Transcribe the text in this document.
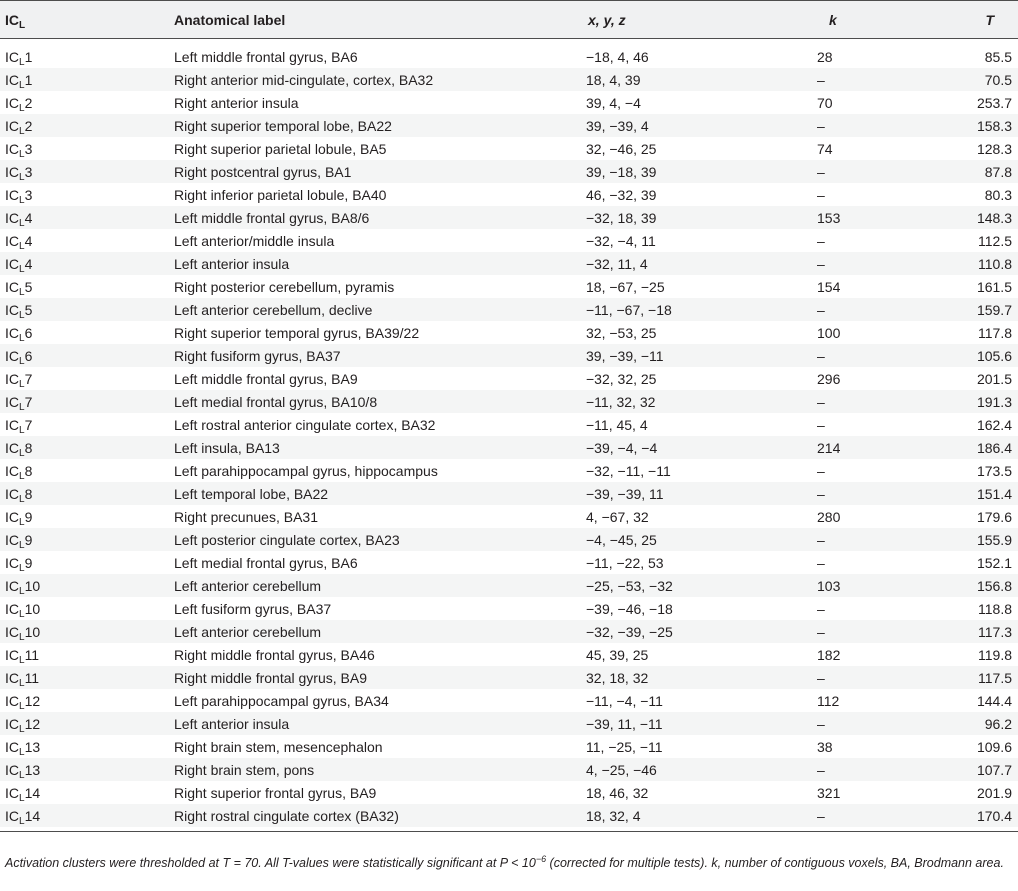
$IC_L$	Anatomical label	x, y, z	k	T

$IC_L1$	Left middle frontal gyrus, BA6	−18, 4, 46	28	85.5
$IC_L1$	Right anterior mid-cingulate, cortex, BA32	18, 4, 39	–	70.5
$IC_L2$	Right anterior insula	39, 4, −4	70	253.7
$IC_L2$	Right superior temporal lobe, BA22	39, −39, 4	–	158.3
$IC_L3$	Right superior parietal lobule, BA5	32, −46, 25	74	128.3
$IC_L3$	Right postcentral gyrus, BA1	39, −18, 39	–	87.8
$IC_L3$	Right inferior parietal lobule, BA40	46, −32, 39	–	80.3
$IC_L4$	Left middle frontal gyrus, BA8/6	−32, 18, 39	153	148.3
$IC_L4$	Left anterior/middle insula	−32, −4, 11	–	112.5
$IC_L4$	Left anterior insula	−32, 11, 4	–	110.8
$IC_L5$	Right posterior cerebellum, pyramis	18, −67, −25	154	161.5
$IC_L5$	Left anterior cerebellum, declive	−11, −67, −18	–	159.7
$IC_L6$	Right superior temporal gyrus, BA39/22	32, −53, 25	100	117.8
$IC_L6$	Right fusiform gyrus, BA37	39, −39, −11	–	105.6
$IC_L7$	Left middle frontal gyrus, BA9	−32, 32, 25	296	201.5
$IC_L7$	Left medial frontal gyrus, BA10/8	−11, 32, 32	–	191.3
$IC_L7$	Left rostral anterior cingulate cortex, BA32	−11, 45, 4	–	162.4
$IC_L8$	Left insula, BA13	−39, −4, −4	214	186.4
$IC_L8$	Left parahippocampal gyrus, hippocampus	−32, −11, −11	–	173.5
$IC_L8$	Left temporal lobe, BA22	−39, −39, 11	–	151.4
$IC_L9$	Right precunues, BA31	4, −67, 32	280	179.6
$IC_L9$	Left posterior cingulate cortex, BA23	−4, −45, 25	–	155.9
$IC_L9$	Left medial frontal gyrus, BA6	−11, −22, 53	–	152.1
$IC_L10$	Left anterior cerebellum	−25, −53, −32	103	156.8
$IC_L10$	Left fusiform gyrus, BA37	−39, −46, −18	–	118.8
$IC_L10$	Left anterior cerebellum	−32, −39, −25	–	117.3
$IC_L11$	Right middle frontal gyrus, BA46	45, 39, 25	182	119.8
$IC_L11$	Right middle frontal gyrus, BA9	32, 18, 32	–	117.5
$IC_L12$	Left parahippocampal gyrus, BA34	−11, −4, −11	112	144.4
$IC_L12$	Left anterior insula	−39, 11, −11	–	96.2
$IC_L13$	Right brain stem, mesencephalon	11, −25, −11	38	109.6
$IC_L13$	Right brain stem, pons	4, −25, −46	–	107.7
$IC_L14$	Right superior frontal gyrus, BA9	18, 46, 32	321	201.9
$IC_L14$	Right rostral cingulate cortex (BA32)	18, 32, 4	–	170.4

Activation clusters were thresholded at T = 70. All T-values were statistically significant at $P < 10^{-6}$ (corrected for multiple tests). k, number of contiguous voxels, BA, Brodmann area.
